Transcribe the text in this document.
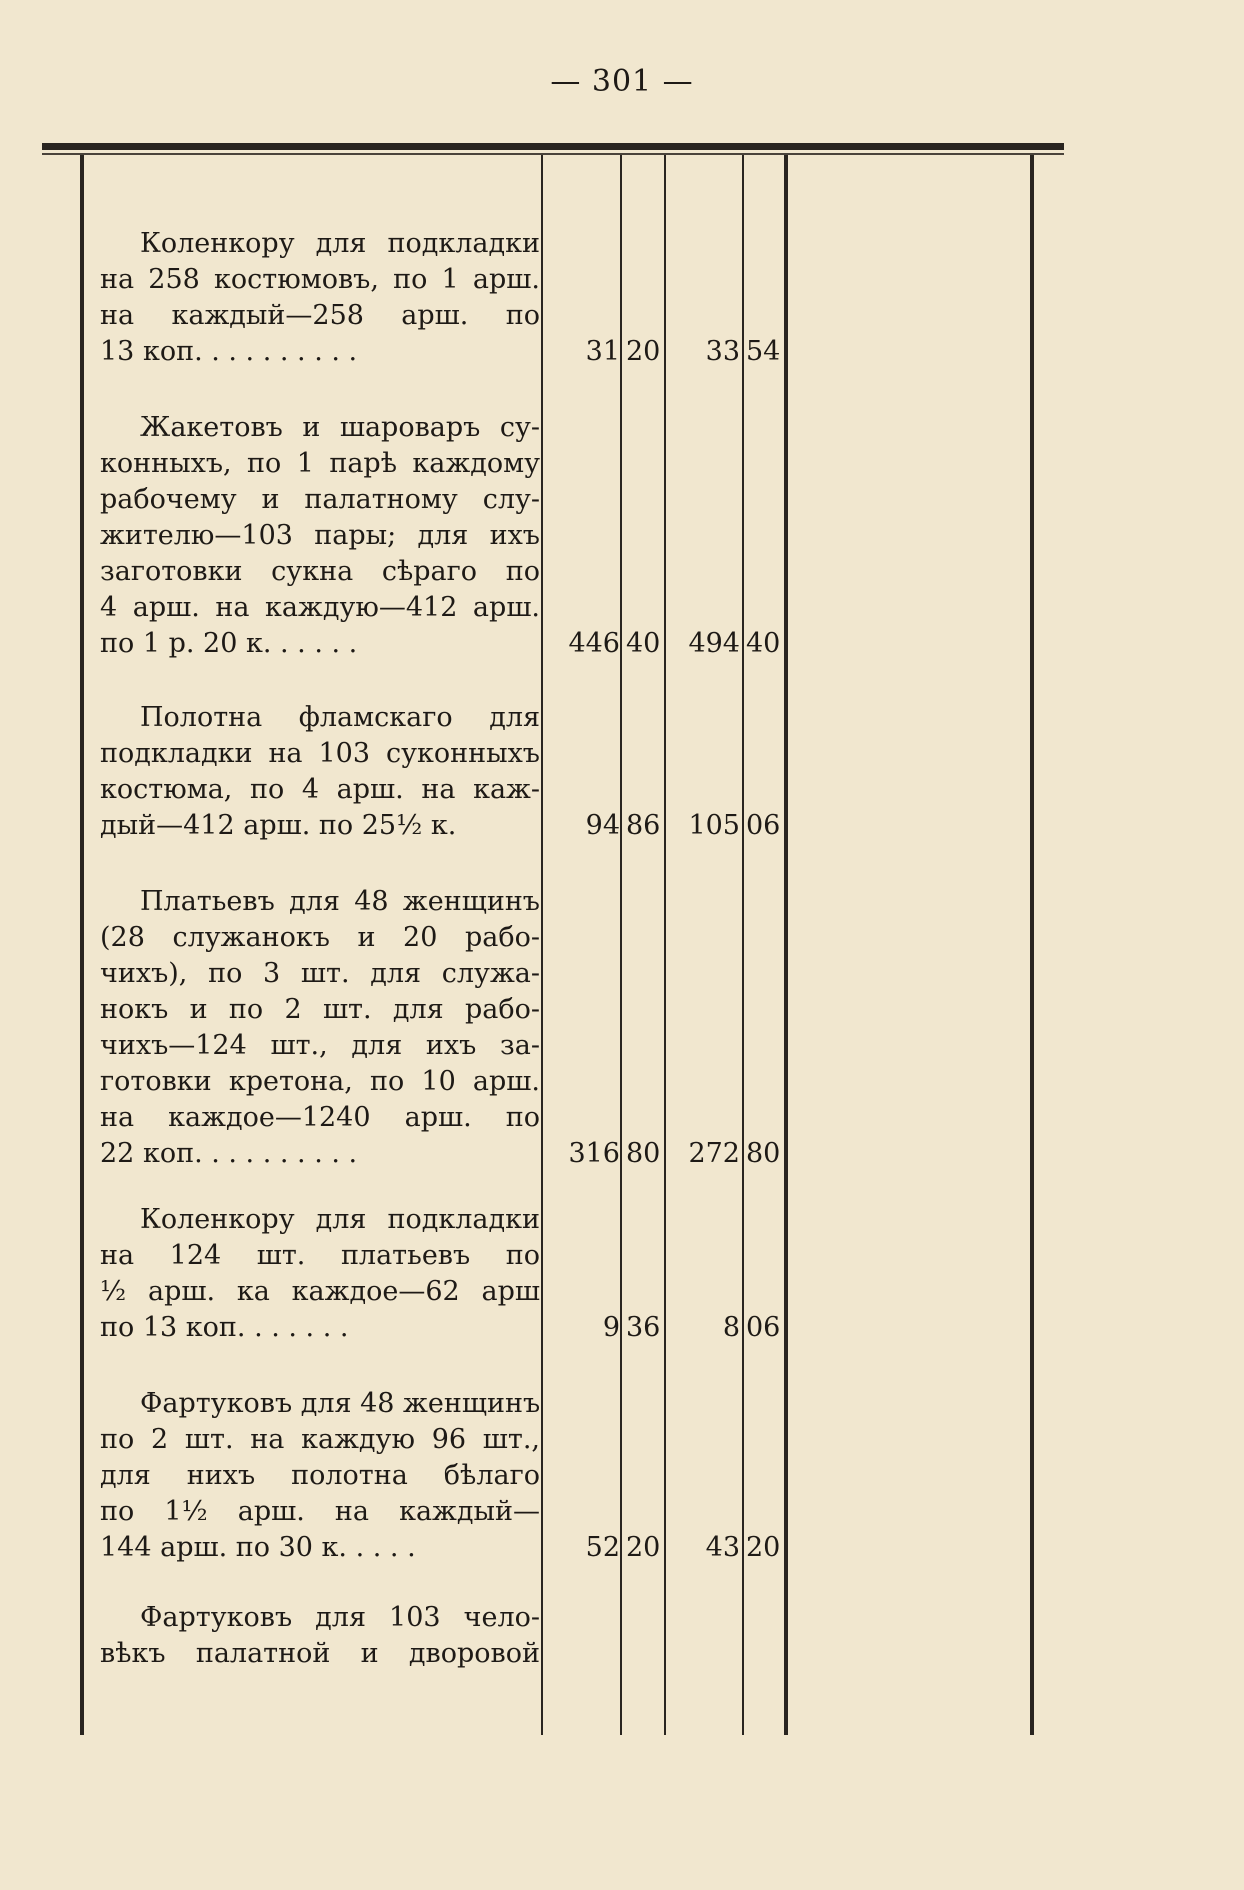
— 301 —
Коленкору для подкладки
на 258 костюмовъ, по 1 арш.
на каждый—258 арш. по
13 коп. . . . . . . . . .	31 20	33 54
Жакетовъ и шароваръ су-
конныхъ, по 1 парѣ каждому
рабочему и палатному слу-
жителю—103 пары; для ихъ
заготовки сукна сѣраго по
4 арш. на каждую—412 арш.
по 1 р. 20 к. . . . . .	446 40	494 40
Полотна фламскаго для
подкладки на 103 суконныхъ
костюма, по 4 арш. на каж-
дый—412 арш. по 25½ к.	94 86	105 06
Платьевъ для 48 женщинъ
(28 служанокъ и 20 рабо-
чихъ), по 3 шт. для служа-
нокъ и по 2 шт. для рабо-
чихъ—124 шт., для ихъ за-
готовки кретона, по 10 арш.
на каждое—1240 арш. по
22 коп. . . . . . . . . .	316 80	272 80
Коленкору для подкладки
на 124 шт. платьевъ по
½ арш. ка каждое—62 арш
по 13 коп. . . . . . .	9 36	8 06
Фартуковъ для 48 женщинъ
по 2 шт. на каждую 96 шт.,
для нихъ полотна бѣлаго
по 1½ арш. на каждый—
144 арш. по 30 к. . . . .	52 20	43 20
Фартуковъ для 103 чело-
вѣкъ палатной и дворовой
